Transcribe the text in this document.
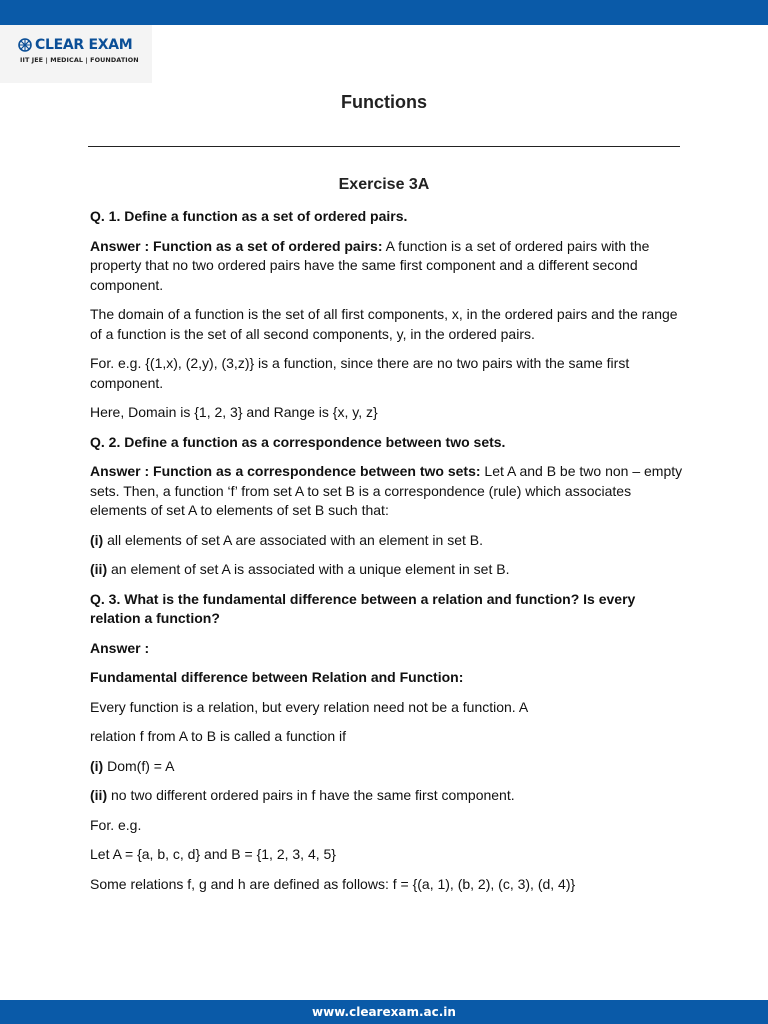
CLEAR EXAM
IIT JEE | MEDICAL | FOUNDATION
Functions
Exercise 3A

Q. 1. Define a function as a set of ordered pairs.

Answer : Function as a set of ordered pairs: A function is a set of ordered pairs with the property that no two ordered pairs have the same first component and a different second component.

The domain of a function is the set of all first components, x, in the ordered pairs and the range of a function is the set of all second components, y, in the ordered pairs.

For. e.g. {(1,x), (2,y), (3,z)} is a function, since there are no two pairs with the same first component.

Here, Domain is {1, 2, 3} and Range is {x, y, z}

Q. 2. Define a function as a correspondence between two sets.

Answer : Function as a correspondence between two sets: Let A and B be two non – empty sets. Then, a function ‘f’ from set A to set B is a correspondence (rule) which associates elements of set A to elements of set B such that:

(i) all elements of set A are associated with an element in set B.

(ii) an element of set A is associated with a unique element in set B.

Q. 3. What is the fundamental difference between a relation and function? Is every relation a function?

Answer :

Fundamental difference between Relation and Function:

Every function is a relation, but every relation need not be a function. A

relation f from A to B is called a function if

(i) Dom(f) = A

(ii) no two different ordered pairs in f have the same first component.

For. e.g.

Let A = {a, b, c, d} and B = {1, 2, 3, 4, 5}

Some relations f, g and h are defined as follows: f = {(a, 1), (b, 2), (c, 3), (d, 4)}

www.clearexam.ac.in
